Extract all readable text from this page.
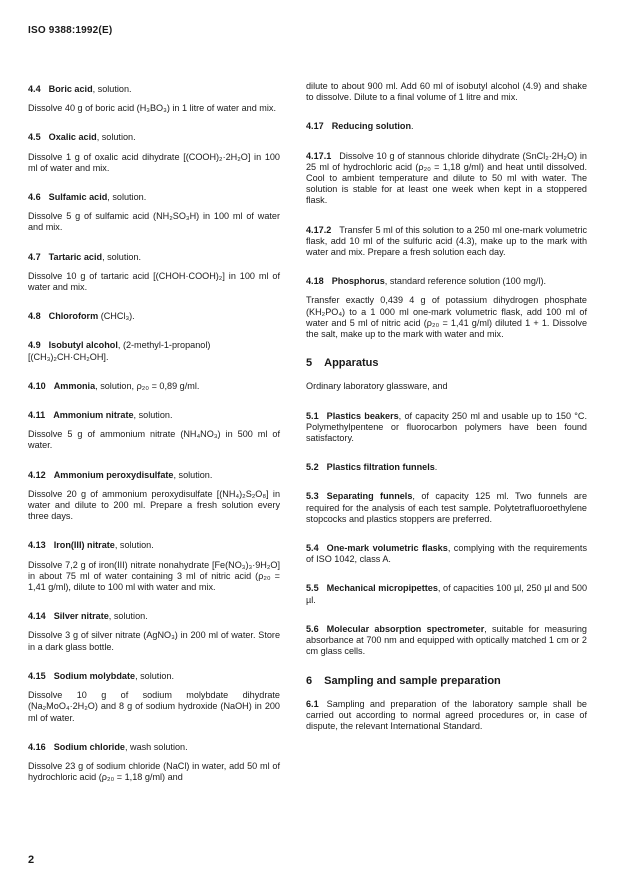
ISO 9388:1992(E)

4.4 Boric acid, solution.

Dissolve 40 g of boric acid (H₃BO₃) in 1 litre of water and mix.

4.5 Oxalic acid, solution.

Dissolve 1 g of oxalic acid dihydrate [(COOH)₂·2H₂O] in 100 ml of water and mix.

4.6 Sulfamic acid, solution.

Dissolve 5 g of sulfamic acid (NH₂SO₃H) in 100 ml of water and mix.

4.7 Tartaric acid, solution.

Dissolve 10 g of tartaric acid [(CHOH·COOH)₂] in 100 ml of water and mix.

4.8 Chloroform (CHCl₃).

4.9 Isobutyl alcohol, (2-methyl-1-propanol) [(CH₃)₂CH·CH₂OH].

4.10 Ammonia, solution, ρ₂₀ = 0,89 g/ml.

4.11 Ammonium nitrate, solution.

Dissolve 5 g of ammonium nitrate (NH₄NO₃) in 500 ml of water.

4.12 Ammonium peroxydisulfate, solution.

Dissolve 20 g of ammonium peroxydisulfate [(NH₄)₂S₂O₈] in water and dilute to 200 ml. Prepare a fresh solution every three days.

4.13 Iron(III) nitrate, solution.

Dissolve 7,2 g of iron(III) nitrate nonahydrate [Fe(NO₃)₃·9H₂O] in about 75 ml of water containing 3 ml of nitric acid (ρ₂₀ = 1,41 g/ml), dilute to 100 ml with water and mix.

4.14 Silver nitrate, solution.

Dissolve 3 g of silver nitrate (AgNO₃) in 200 ml of water. Store in a dark glass bottle.

4.15 Sodium molybdate, solution.

Dissolve 10 g of sodium molybdate dihydrate (Na₂MoO₄·2H₂O) and 8 g of sodium hydroxide (NaOH) in 200 ml of water.

4.16 Sodium chloride, wash solution.

Dissolve 23 g of sodium chloride (NaCl) in water, add 50 ml of hydrochloric acid (ρ₂₀ = 1,18 g/ml) and

dilute to about 900 ml. Add 60 ml of isobutyl alcohol (4.9) and shake to dissolve. Dilute to a final volume of 1 litre and mix.

4.17 Reducing solution.

4.17.1 Dissolve 10 g of stannous chloride dihydrate (SnCl₂·2H₂O) in 25 ml of hydrochloric acid (ρ₂₀ = 1,18 g/ml) and heat until dissolved. Cool to ambient temperature and dilute to 50 ml with water. The solution is stable for at least one week when kept in a stoppered flask.

4.17.2 Transfer 5 ml of this solution to a 250 ml one-mark volumetric flask, add 10 ml of the sulfuric acid (4.3), make up to the mark with water and mix. Prepare a fresh solution each day.

4.18 Phosphorus, standard reference solution (100 mg/l).

Transfer exactly 0,439 4 g of potassium dihydrogen phosphate (KH₂PO₄) to a 1 000 ml one-mark volumetric flask, add 100 ml of water and 5 ml of nitric acid (ρ₂₀ = 1,41 g/ml) diluted 1 + 1. Dissolve the salt, make up to the mark with water and mix.

5 Apparatus

Ordinary laboratory glassware, and

5.1 Plastics beakers, of capacity 250 ml and usable up to 150 °C. Polymethylpentene or fluorocarbon polymers have been found satisfactory.

5.2 Plastics filtration funnels.

5.3 Separating funnels, of capacity 125 ml. Two funnels are required for the analysis of each test sample. Polytetrafluoroethylene stopcocks and plastics stoppers are preferred.

5.4 One-mark volumetric flasks, complying with the requirements of ISO 1042, class A.

5.5 Mechanical micropipettes, of capacities 100 µl, 250 µl and 500 µl.

5.6 Molecular absorption spectrometer, suitable for measuring absorbance at 700 nm and equipped with optically matched 1 cm or 2 cm glass cells.

6 Sampling and sample preparation

6.1 Sampling and preparation of the laboratory sample shall be carried out according to normal agreed procedures or, in case of dispute, the relevant International Standard.

2
